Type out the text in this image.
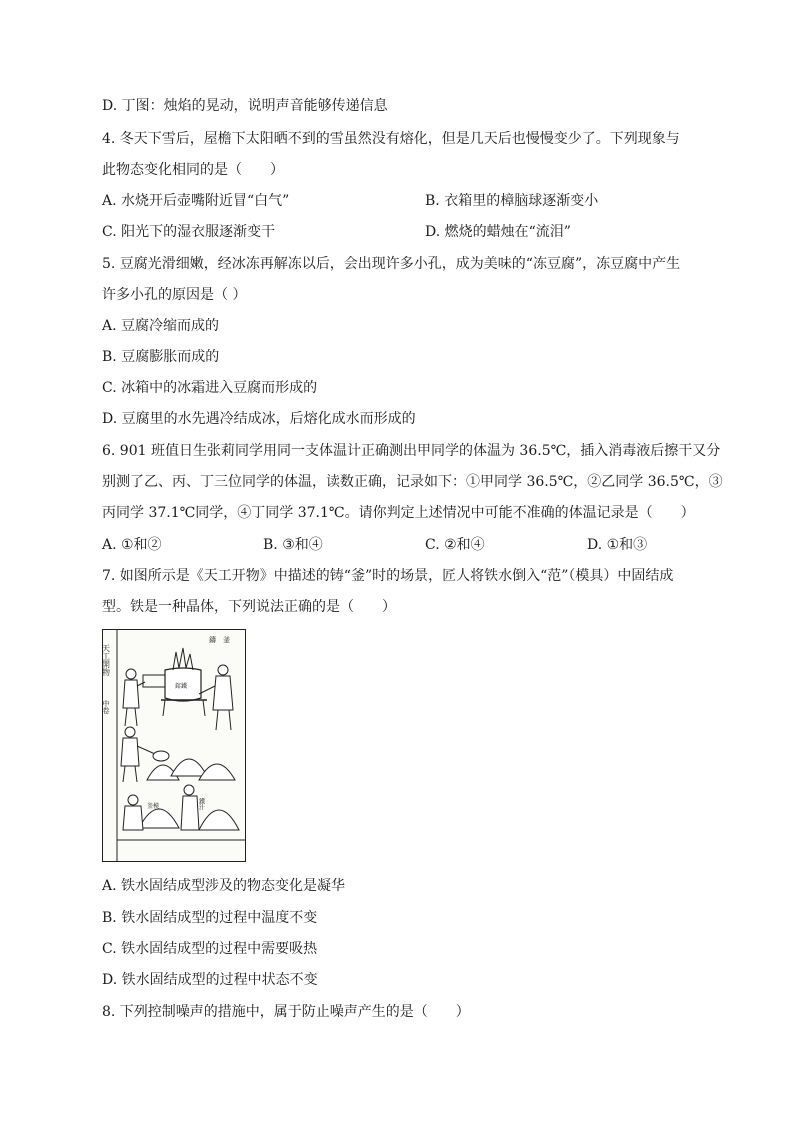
D. 丁图：烛焰的晃动，说明声音能够传递信息
4. 冬天下雪后，屋檐下太阳晒不到的雪虽然没有熔化，但是几天后也慢慢变少了。下列现象与
此物态变化相同的是（　　）
A. 水烧开后壶嘴附近冒“白气”	B. 衣箱里的樟脑球逐渐变小
C. 阳光下的湿衣服逐渐变干	D. 燃烧的蜡烛在“流泪”
5. 豆腐光滑细嫩，经冰冻再解冻以后，会出现许多小孔，成为美味的“冻豆腐”，冻豆腐中产生
许多小孔的原因是（ ）
A. 豆腐冷缩而成的
B. 豆腐膨胀而成的
C. 冰箱中的冰霜进入豆腐而形成的
D. 豆腐里的水先遇冷结成冰，后熔化成水而形成的
6. 901 班值日生张莉同学用同一支体温计正确测出甲同学的体温为 36.5℃，插入消毒液后擦干又分
别测了乙、丙、丁三位同学的体温，读数正确，记录如下：①甲同学 36.5℃，②乙同学 36.5℃，③
丙同学 37.1℃同学，④丁同学 37.1℃。请你判定上述情况中可能不准确的体温记录是（　　）
A. ①和②	B. ③和④	C. ②和④	D. ①和③
7. 如图所示是《天工开物》中描述的铸“釜”时的场景，匠人将铁水倒入“范”（模具）中固结成
型。铁是一种晶体，下列说法正确的是（　　）
天工開物
中卷
鑄　釜
鎔鐵
釜模	鐵汁
A. 铁水固结成型涉及的物态变化是凝华
B. 铁水固结成型的过程中温度不变
C. 铁水固结成型的过程中需要吸热
D. 铁水固结成型的过程中状态不变
8. 下列控制噪声的措施中，属于防止噪声产生的是（　　）
